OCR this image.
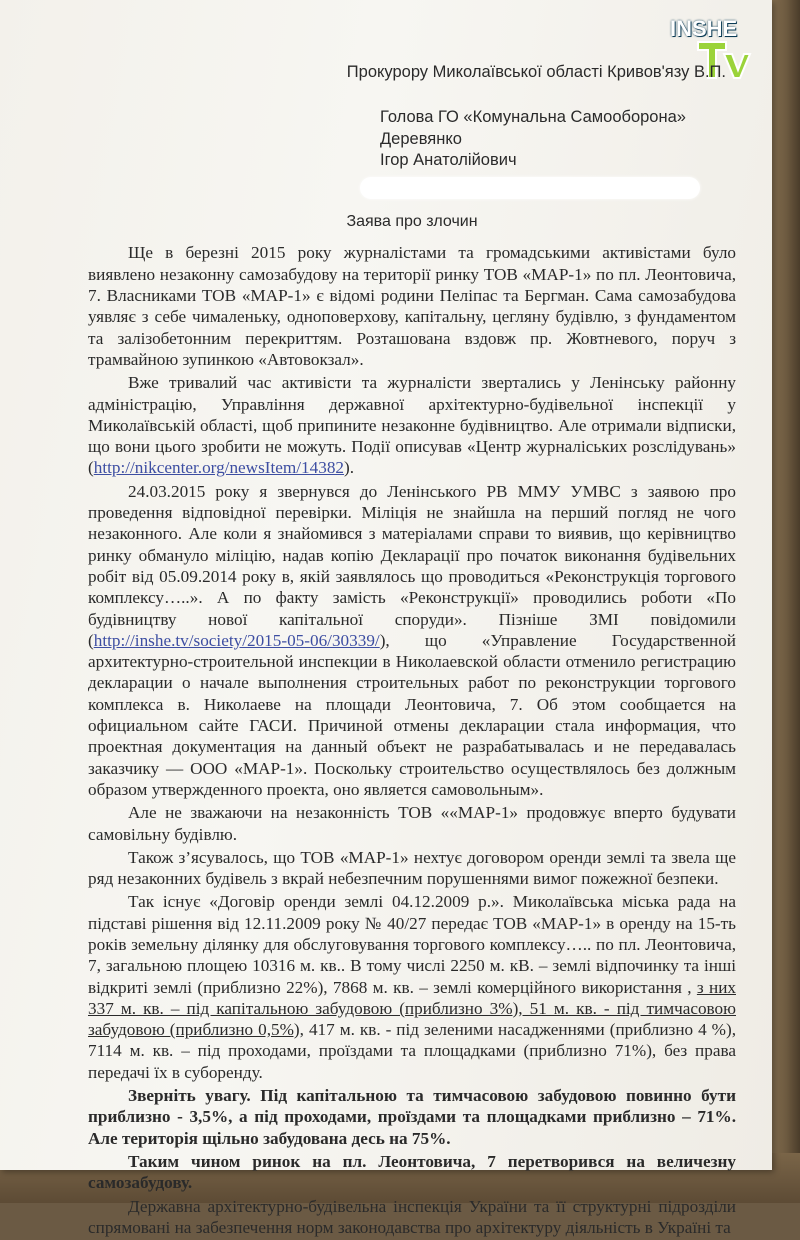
INSHE
Прокурору Миколаївської області Кривов'язу В.П.
Голова ГО «Комунальна Самооборона» Деревянко
Ігор Анатолійович
Заява про злочин

Ще в березні 2015 року журналістами та громадськими активістами було виявлено незаконну самозабудову на території ринку ТОВ «МАР-1» по пл. Леонтовича, 7. Власниками ТОВ «МАР-1» є відомі родини Пеліпас та Бергман. Сама самозабудова уявляє з себе чималеньку, одноповерхову, капітальну, цегляну будівлю, з фундаментом та залізобетонним перекриттям. Розташована вздовж пр. Жовтневого, поруч з трамвайною зупинкою «Автовокзал».

Вже тривалий час активісти та журналісти звертались у Ленінську районну адміністрацію, Управління державної архітектурно-будівельної інспекції у Миколаївській області, щоб припините незаконне будівництво. Але отримали відписки, що вони цього зробити не можуть. Події описував «Центр журналіських розслідувань» (http://nikcenter.org/newsItem/14382).

24.03.2015 року я звернувся до Ленінського РВ ММУ УМВС з заявою про проведення відповідної перевірки. Міліція не знайшла на перший погляд не чого незаконного. Але коли я знайомився з матеріалами справи то виявив, що керівництво ринку обмануло міліцію, надав копію Декларації про початок виконання будівельних робіт від 05.09.2014 року в, якій заявлялось що проводиться «Реконструкція торгового комплексу…..». А по факту замість «Реконструкції» проводились роботи «По будівництву нової капітальної споруди». Пізніше ЗМІ повідомили (http://inshe.tv/society/2015-05-06/30339/), що «Управление Государственной архитектурно-строительной инспекции в Николаевской области отменило регистрацию декларации о начале выполнения строительных работ по реконструкции торгового комплекса в. Николаеве на площади Леонтовича, 7. Об этом сообщается на официальном сайте ГАСИ. Причиной отмены декларации стала информация, что проектная документация на данный объект не разрабатывалась и не передавалась заказчику — ООО «МАР-1». Поскольку строительство осуществлялось без должным образом утвержденного проекта, оно является самовольным».

Але не зважаючи на незаконність ТОВ ««МАР-1» продовжує вперто будувати самовільну будівлю.

Також з’ясувалось, що ТОВ «МАР-1» нехтує договором оренди землі та звела ще ряд незаконних будівель з вкрай небезпечним порушеннями вимог пожежної безпеки.

Так існує «Договір оренди землі 04.12.2009 р.». Миколаївська міська рада на підставі рішення від 12.11.2009 року № 40/27 передає ТОВ «МАР-1» в оренду на 15-ть років земельну ділянку для обслуговування торгового комплексу….. по пл. Леонтовича, 7, загальною площею 10316 м. кв.. В тому числі 2250 м. кВ. – землі відпочинку та інші відкриті землі (приблизно 22%), 7868 м. кв. – землі комерційного використання , з них 337 м. кв. – під капітальною забудовою (приблизно 3%), 51 м. кв. - під тимчасовою забудовою (приблизно 0,5%), 417 м. кв. - під зеленими насадженнями (приблизно 4 %), 7114 м. кв. – під проходами, проїздами та площадками (приблизно 71%), без права передачі їх в суборенду.

Зверніть увагу. Під капітальною та тимчасовою забудовою повинно бути приблизно - 3,5%, а під проходами, проїздами та площадками приблизно – 71%. Але територія щільно забудована десь на 75%.

Таким чином ринок на пл. Леонтовича, 7 перетворився на величезну самозабудову.

Державна архітектурно-будівельна інспекція України та її структурні підрозділи спрямовані на забезпечення норм законодавства про архітектуру діяльність в Україні та
